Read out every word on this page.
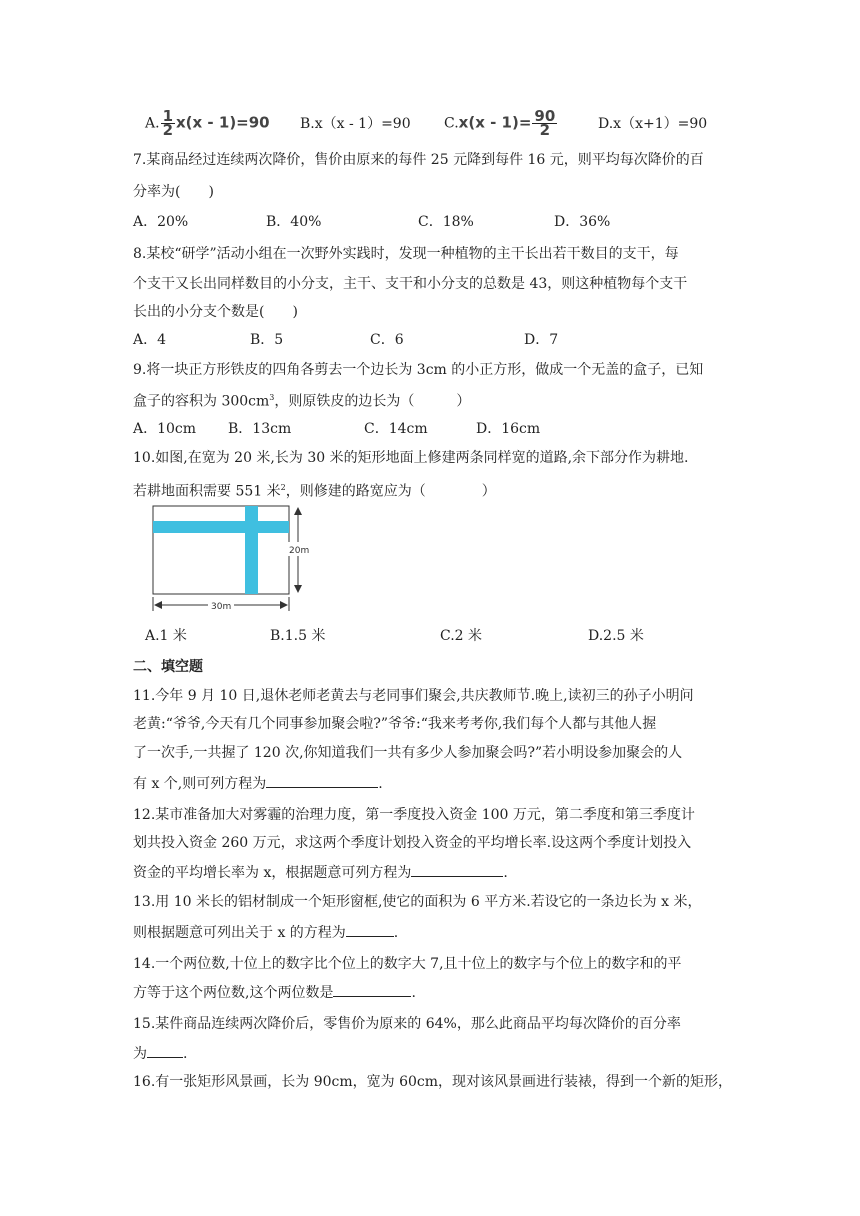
A. $\frac{1}{2} x(x - 1)=90$ B.x（x - 1）=90 $C.x(x - 1)= \frac{90}{2}$	D.x（x+1）=90
7.某商品经过连续两次降价，售价由原来的每件 25 元降到每件 16 元，则平均每次降价的百
分率为(　　)
A．20%	B．40%	C．18%	D．36%
8.某校“研学”活动小组在一次野外实践时，发现一种植物的主干长出若干数目的支干，每
个支干又长出同样数目的小分支，主干、支干和小分支的总数是 43，则这种植物每个支干
长出的小分支个数是(　　)
A．4	B．5	C．6	D．7
9.将一块正方形铁皮的四角各剪去一个边长为 3cm 的小正方形，做成一个无盖的盒子，已知
盒子的容积为 $300cm^3$，则原铁皮的边长为（　　　）
A．10cm B．13cm	C．14cm	D．16cm
10.如图,在宽为 20 米,长为 30 米的矩形地面上修建两条同样宽的道路,余下部分作为耕地.
若耕地面积需要 551 米$^2$，则修建的路宽应为（　　　　）
20m
30m
A.1 米	B.1.5 米	C.2 米	D.2.5 米
二、填空题
11.今年 9 月 10 日,退休老师老黄去与老同事们聚会,共庆教师节.晚上,读初三的孙子小明问
老黄:“爷爷,今天有几个同事参加聚会啦?”爷爷:“我来考考你,我们每个人都与其他人握
了一次手,一共握了 120 次,你知道我们一共有多少人参加聚会吗?”若小明设参加聚会的人
有 x 个,则可列方程为	.
12.某市准备加大对雾霾的治理力度，第一季度投入资金 100 万元，第二季度和第三季度计
划共投入资金 260 万元，求这两个季度计划投入资金的平均增长率.设这两个季度计划投入
资金的平均增长率为 x，根据题意可列方程为	.
13.用 10 米长的铝材制成一个矩形窗框,使它的面积为 6 平方米.若设它的一条边长为 x 米，
则根据题意可列出关于 x 的方程为	.
14.一个两位数,十位上的数字比个位上的数字大 7,且十位上的数字与个位上的数字和的平
方等于这个两位数,这个两位数是	.
15.某件商品连续两次降价后，零售价为原来的 64%，那么此商品平均每次降价的百分率
为	.
16.有一张矩形风景画，长为 90cm，宽为 60cm，现对该风景画进行装裱，得到一个新的矩形，
